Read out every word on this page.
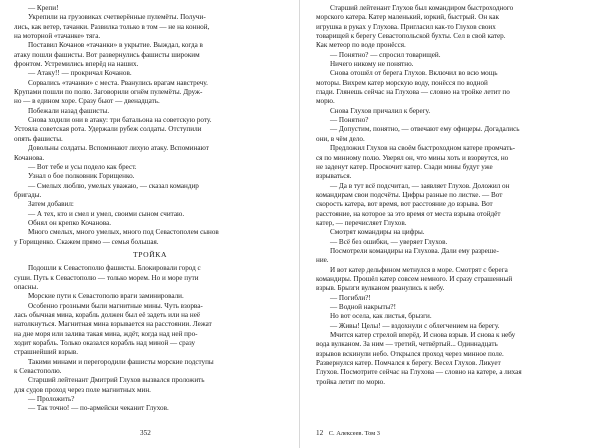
— Крепи!
Укрепили на грузовиках счетверённые пулемёты. Получи-
лись, как ветер, тачанки. Развилка только в том — не на конной,
на моторной «тачанке» тяга.
Поставил Кочанов «тачанки» в укрытие. Выждал, когда в
атаку пошли фашисты. Вот развернулись фашисты широким
фронтом. Устремились вперёд на наших.
— Атаку!! — прокричал Кочанов.
Сорвались «тачанки» с места. Рванулись врагам навстречу.
Крупами пошли по полю. Заговорили огнём пулемёты. Друж-
но — в едином хоре. Сразу бьют — двенадцать.
Побежали назад фашисты.
Снова ходили они в атаку: три батальона на советскую роту.
Устояла советская рота. Удержали рубеж солдаты. Отступили
опять фашисты.
Довольны солдаты. Вспоминают лихую атаку. Вспоминают
Кочанова.
— Вот тебе и усы подело как брест.
Узнал о бое полковник Горищенко.
— Смелых люблю, умелых уважаю, — сказал командир
бригады.
Затем добавил:
— А тех, кто и смел и умел, своими сыном считаю.
Обнял он крепко Кочанова.
Много смелых, много умелых, много под Севастополем сынов
у Горищенко. Скажем прямо — семья большая.
ТРОЙКА
Подошли к Севастополю фашисты. Блокировали город с
суши. Путь к Севастополю — только морем. Но и море пути
опасны.
Морские пути к Севастополю враги заминировали.
Особенно грозными были магнитные мины. Чуть взорва-
лась обычная мина, корабль должен был её задеть или на неё
натолкнуться. Магнитная мина взрывается на расстоянии. Лежат
на дне моря или залива такая мина, ждёт, когда над ней про-
ходит корабль. Только оказался корабль над миной — сразу
страшнейший взрыв.
Такими минами и перегородили фашисты морские подступы
к Севастополю.
Старший лейтенант Дмитрий Глухов вызвался проложить
для судов проход через поле магнитных мин.
— Проложить?
— Так точно! — по-армейски чеканит Глухов.
352
Старший лейтенант Глухов был командиром быстроходного
морского катера. Катер маленький, юркий, быстрый. Он как
игрушка в руках у Глухова. Пригласил как-то Глухов своих
товарищей к берегу Севастопольской бухты. Сел в свой катер.
Как метеор по воде пронёсся.
— Понятно? — спросил товарищей.
Ничего никому не понятно.
Снова отошёл от берега Глухов. Включил во всю мощь
моторы. Вихрем катер морскую воду, понёсся по водной
глади. Глянешь сейчас на Глухова — словно на тройке летит по
морю.
Снова Глухов причалил к берегу.
— Понятно?
— Допустим, понятно, — отвечают ему офицеры. Догадались
они, в чём дело.
Предложил Глухов на своём быстроходном катере промчать-
ся по минному полю. Уверял он, что мины хоть и взорвутся, но
не заденут катер. Проскочит катер. Сзади мины будут уже
взрываться.
— Да в тут всё подсчитал, — заявляет Глухов. Доложил он
командирам свои подсчёты. Цифры разные по листке. — Вот
скорость катера, вот время, вот расстояние до взрыва. Вот
расстояние, на которое за это время от места взрыва отойдёт
катер, — перечисляет Глухов.
Смотрят командиры на цифры.
— Всё без ошибки, — уверяет Глухов.
Посмотрели командиры на Глухова. Дали ему разреше-
ние.
И вот катер дельфином метнулся в море. Смотрят с берега
командиры. Прошёл катер совсем немного. И сразу страшенный
взрыв. Брызги вулканом рванулись к небу.
— Погибли?!
— Водной накрыты?!
Но вот осела, как листья, брызги.
— Живы! Целы! — вздохнули с облегчением на берегу.
Мчится катер стрелой вперёд. И снова взрыв. И снова к небу
вода вулканом. За ним — третий, четвёртый... Одиннадцать
взрывов вскинули небо. Открылся проход через минное поле.
Развернулся катер. Помчался к берегу. Весел Глухов. Ликует
Глухов. Посмотрите сейчас на Глухова — словно на катере, а лихая
тройка летит по морю.
12 С. Алексеев. Том 3
